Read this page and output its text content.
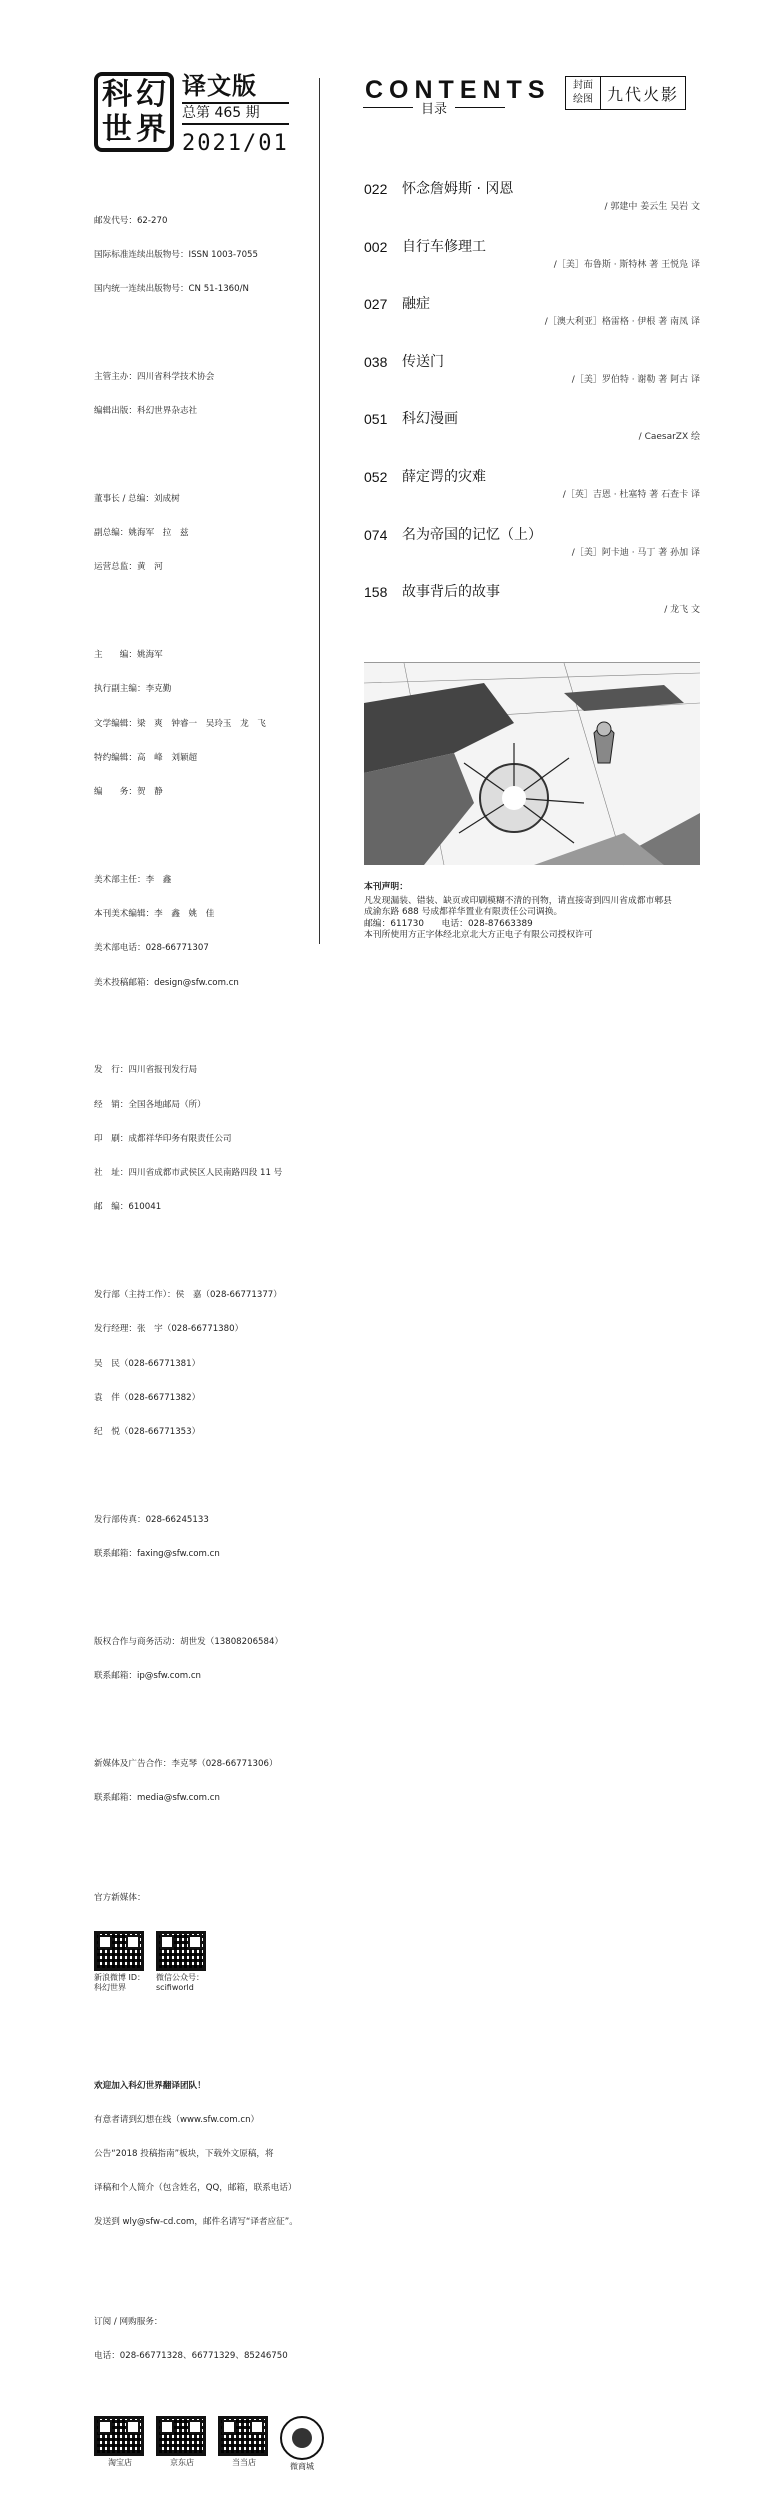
科 幻
世 界
译文版
总第 465 期
2021/01

邮发代号：62-270

国际标准连续出版物号：ISSN 1003-7055

国内统一连续出版物号：CN 51-1360/N

主管主办：四川省科学技术协会

编辑出版：科幻世界杂志社

董事长 / 总编：刘成树

副总编：姚海军　拉　兹

运营总监：黄　河

主　　编：姚海军

执行副主编：李克勤

文学编辑：梁　爽　钟睿一　吴玲玉　龙　飞

特约编辑：高　峰　刘颖超

编　　务：贺　静

美术部主任：李　鑫

本刊美术编辑：李　鑫　姚　佳

美术部电话：028-66771307

美术投稿邮箱：design@sfw.com.cn

发　行：四川省报刊发行局

经　销：全国各地邮局（所）

印　刷：成都祥华印务有限责任公司

社　址：四川省成都市武侯区人民南路四段 11 号

邮　编：610041

发行部（主持工作）：侯　嘉（028-66771377）

发行经理：张　宇（028-66771380）

吴　民（028-66771381）

袁　伴（028-66771382）

纪　悦（028-66771353）

发行部传真：028-66245133

联系邮箱：faxing@sfw.com.cn

版权合作与商务活动：胡世发（13808206584）

联系邮箱：ip@sfw.com.cn

新媒体及广告合作：李克琴（028-66771306）

联系邮箱：media@sfw.com.cn

官方新媒体：

新浪微博 ID：
科幻世界
微信公众号：
scifiworld

欢迎加入科幻世界翻译团队！

有意者请到幻想在线（www.sfw.com.cn）

公告“2018 投稿指南”板块，下载外文原稿，将

译稿和个人简介（包含姓名，QQ，邮箱，联系电话）

发送到 wly@sfw-cd.com，邮件名请写“译者应征”。

订阅 / 网购服务：

电话：028-66771328、66771329、85246750

淘宝店	京东店	当当店	微商城

CONTENTS
目录
封面
绘图 九代火影
022	怀念詹姆斯 · 冈恩
/ 郭建中 姜云生 吴岩 文
002	自行车修理工
/［美］布鲁斯 · 斯特林 著 王悦凫 译
027	融症
/［澳大利亚］格雷格 · 伊根 著 南凤 译
038	传送门
/［美］罗伯特 · 谢勒 著 阿古 译
051	科幻漫画
/ CaesarZX 绘
052	薛定谔的灾难
/［英］吉恩 · 杜塞特 著 石查卡 译
074	名为帝国的记忆（上）
/［美］阿卡迪 · 马丁 著 孙加 译
158	故事背后的故事
/ 龙飞 文
本刊声明：
凡发现漏装、错装、缺页或印刷模糊不清的刊物，请直接寄到四川省成都市郫县
成渝东路 688 号成都祥华置业有限责任公司调换。
邮编：611730　　电话：028-87663389
本刊所使用方正字体经北京北大方正电子有限公司授权许可
